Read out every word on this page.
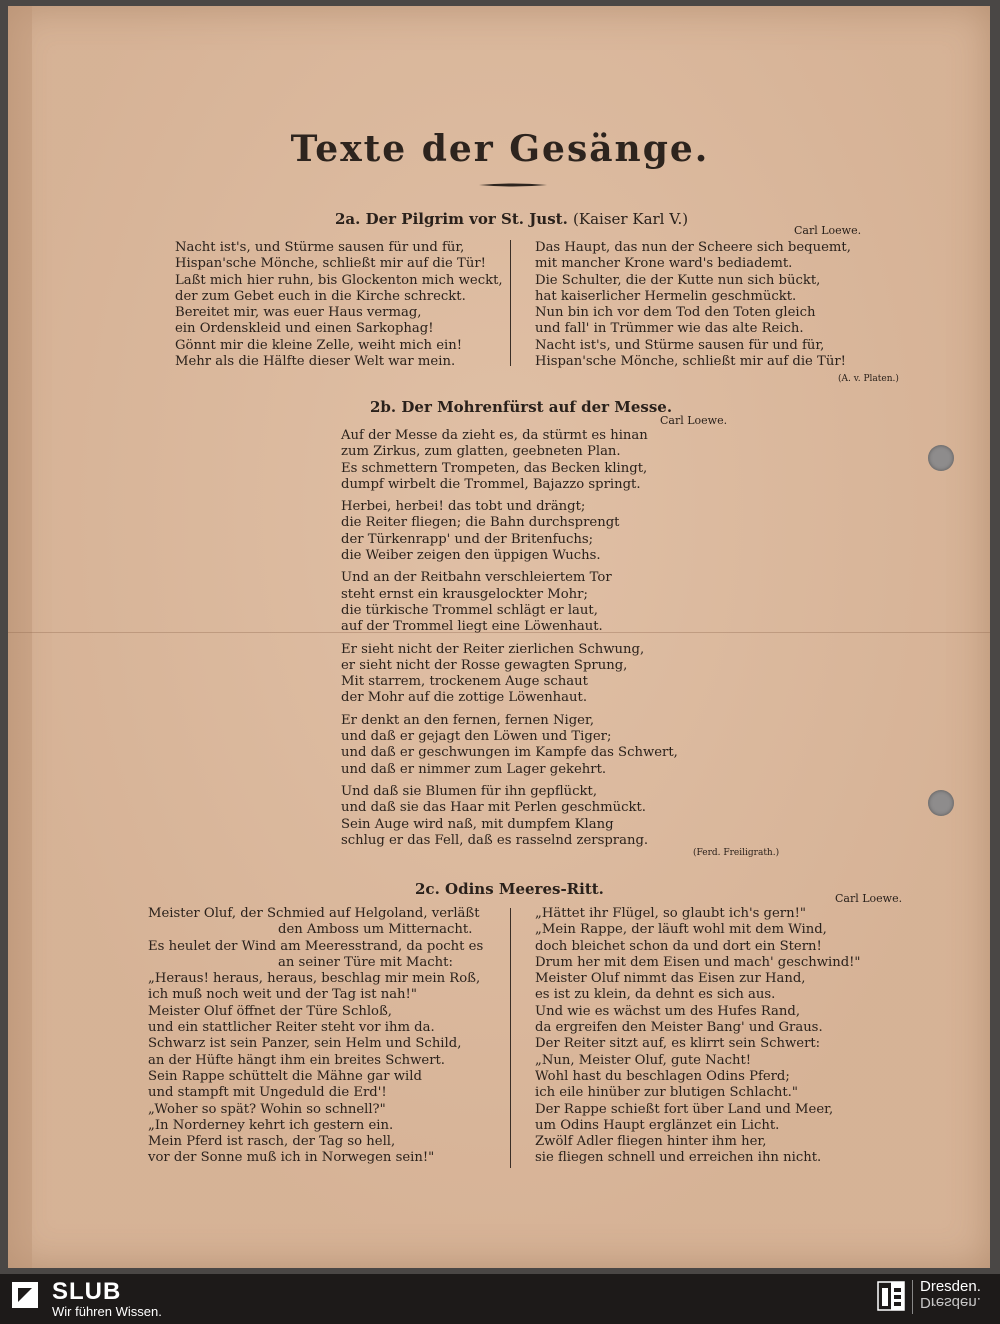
Texte der Gesänge.
2a. Der Pilgrim vor St. Just. (Kaiser Karl V.)
Carl Loewe.
Nacht ist's, und Stürme sausen für und für,
Hispan'sche Mönche, schließt mir auf die Tür!
Laßt mich hier ruhn, bis Glockenton mich weckt,
der zum Gebet euch in die Kirche schreckt.
Bereitet mir, was euer Haus vermag,
ein Ordenskleid und einen Sarkophag!
Gönnt mir die kleine Zelle, weiht mich ein!
Mehr als die Hälfte dieser Welt war mein.
Das Haupt, das nun der Scheere sich bequemt,
mit mancher Krone ward's bediademt.
Die Schulter, die der Kutte nun sich bückt,
hat kaiserlicher Hermelin geschmückt.
Nun bin ich vor dem Tod den Toten gleich
und fall' in Trümmer wie das alte Reich.
Nacht ist's, und Stürme sausen für und für,
Hispan'sche Mönche, schließt mir auf die Tür!
(A. v. Platen.)
2b. Der Mohrenfürst auf der Messe.
Carl Loewe.
Auf der Messe da zieht es, da stürmt es hinan
zum Zirkus, zum glatten, geebneten Plan.
Es schmettern Trompeten, das Becken klingt,
dumpf wirbelt die Trommel, Bajazzo springt.
Herbei, herbei! das tobt und drängt;
die Reiter fliegen; die Bahn durchsprengt
der Türkenrapp' und der Britenfuchs;
die Weiber zeigen den üppigen Wuchs.
Und an der Reitbahn verschleiertem Tor
steht ernst ein krausgelockter Mohr;
die türkische Trommel schlägt er laut,
auf der Trommel liegt eine Löwenhaut.
Er sieht nicht der Reiter zierlichen Schwung,
er sieht nicht der Rosse gewagten Sprung,
Mit starrem, trockenem Auge schaut
der Mohr auf die zottige Löwenhaut.
Er denkt an den fernen, fernen Niger,
und daß er gejagt den Löwen und Tiger;
und daß er geschwungen im Kampfe das Schwert,
und daß er nimmer zum Lager gekehrt.
Und daß sie Blumen für ihn gepflückt,
und daß sie das Haar mit Perlen geschmückt.
Sein Auge wird naß, mit dumpfem Klang
schlug er das Fell, daß es rasselnd zersprang.
(Ferd. Freiligrath.)
2c. Odins Meeres-Ritt.
Carl Loewe.
Meister Oluf, der Schmied auf Helgoland, verläßt
den Amboss um Mitternacht.
Es heulet der Wind am Meeresstrand, da pocht es
an seiner Türe mit Macht:
„Heraus! heraus, heraus, beschlag mir mein Roß,
ich muß noch weit und der Tag ist nah!"
Meister Oluf öffnet der Türe Schloß,
und ein stattlicher Reiter steht vor ihm da.
Schwarz ist sein Panzer, sein Helm und Schild,
an der Hüfte hängt ihm ein breites Schwert.
Sein Rappe schüttelt die Mähne gar wild
und stampft mit Ungeduld die Erd'!
„Woher so spät? Wohin so schnell?"
„In Norderney kehrt ich gestern ein.
Mein Pferd ist rasch, der Tag so hell,
vor der Sonne muß ich in Norwegen sein!"
„Hättet ihr Flügel, so glaubt ich's gern!"
„Mein Rappe, der läuft wohl mit dem Wind,
doch bleichet schon da und dort ein Stern!
Drum her mit dem Eisen und mach' geschwind!"
Meister Oluf nimmt das Eisen zur Hand,
es ist zu klein, da dehnt es sich aus.
Und wie es wächst um des Hufes Rand,
da ergreifen den Meister Bang' und Graus.
Der Reiter sitzt auf, es klirrt sein Schwert:
„Nun, Meister Oluf, gute Nacht!
Wohl hast du beschlagen Odins Pferd;
ich eile hinüber zur blutigen Schlacht."
Der Rappe schießt fort über Land und Meer,
um Odins Haupt erglänzet ein Licht.
Zwölf Adler fliegen hinter ihm her,
sie fliegen schnell und erreichen ihn nicht.
SLUB
Wir führen Wissen.
Dresden.
Dresden.
